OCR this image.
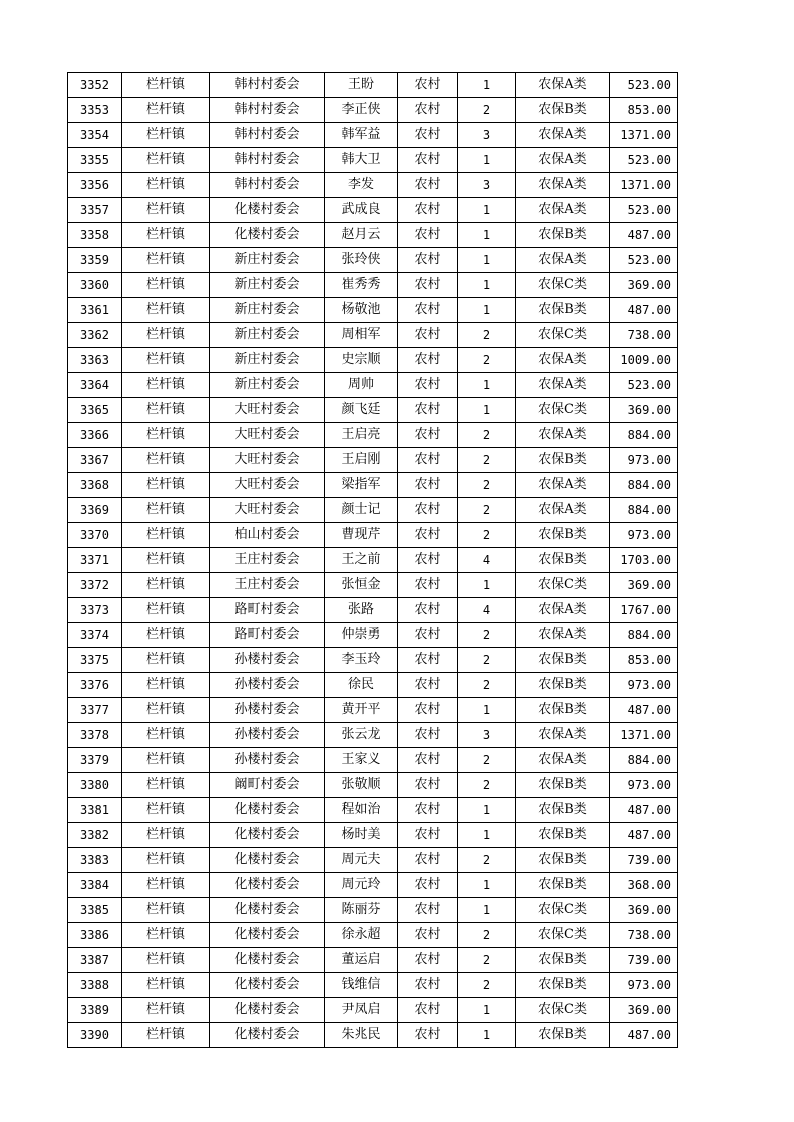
3352	栏杆镇	韩村村委会	王盼	农村	1	农保A类	523.00
3353	栏杆镇	韩村村委会	李正侠	农村	2	农保B类	853.00
3354	栏杆镇	韩村村委会	韩军益	农村	3	农保A类	1371.00
3355	栏杆镇	韩村村委会	韩大卫	农村	1	农保A类	523.00
3356	栏杆镇	韩村村委会	李发	农村	3	农保A类	1371.00
3357	栏杆镇	化楼村委会	武成良	农村	1	农保A类	523.00
3358	栏杆镇	化楼村委会	赵月云	农村	1	农保B类	487.00
3359	栏杆镇	新庄村委会	张玲侠	农村	1	农保A类	523.00
3360	栏杆镇	新庄村委会	崔秀秀	农村	1	农保C类	369.00
3361	栏杆镇	新庄村委会	杨敬池	农村	1	农保B类	487.00
3362	栏杆镇	新庄村委会	周相军	农村	2	农保C类	738.00
3363	栏杆镇	新庄村委会	史宗顺	农村	2	农保A类	1009.00
3364	栏杆镇	新庄村委会	周帅	农村	1	农保A类	523.00
3365	栏杆镇	大旺村委会	颜飞廷	农村	1	农保C类	369.00
3366	栏杆镇	大旺村委会	王启亮	农村	2	农保A类	884.00
3367	栏杆镇	大旺村委会	王启刚	农村	2	农保B类	973.00
3368	栏杆镇	大旺村委会	梁指军	农村	2	农保A类	884.00
3369	栏杆镇	大旺村委会	颜士记	农村	2	农保A类	884.00
3370	栏杆镇	柏山村委会	曹现芹	农村	2	农保B类	973.00
3371	栏杆镇	王庄村委会	王之前	农村	4	农保B类	1703.00
3372	栏杆镇	王庄村委会	张恒金	农村	1	农保C类	369.00
3373	栏杆镇	路町村委会	张路	农村	4	农保A类	1767.00
3374	栏杆镇	路町村委会	仲崇勇	农村	2	农保A类	884.00
3375	栏杆镇	孙楼村委会	李玉玲	农村	2	农保B类	853.00
3376	栏杆镇	孙楼村委会	徐民	农村	2	农保B类	973.00
3377	栏杆镇	孙楼村委会	黄开平	农村	1	农保B类	487.00
3378	栏杆镇	孙楼村委会	张云龙	农村	3	农保A类	1371.00
3379	栏杆镇	孙楼村委会	王家义	农村	2	农保A类	884.00
3380	栏杆镇	阚町村委会	张敬顺	农村	2	农保B类	973.00
3381	栏杆镇	化楼村委会	程如治	农村	1	农保B类	487.00
3382	栏杆镇	化楼村委会	杨时美	农村	1	农保B类	487.00
3383	栏杆镇	化楼村委会	周元夫	农村	2	农保B类	739.00
3384	栏杆镇	化楼村委会	周元玲	农村	1	农保B类	368.00
3385	栏杆镇	化楼村委会	陈丽芬	农村	1	农保C类	369.00
3386	栏杆镇	化楼村委会	徐永超	农村	2	农保C类	738.00
3387	栏杆镇	化楼村委会	董运启	农村	2	农保B类	739.00
3388	栏杆镇	化楼村委会	钱维信	农村	2	农保B类	973.00
3389	栏杆镇	化楼村委会	尹凤启	农村	1	农保C类	369.00
3390	栏杆镇	化楼村委会	朱兆民	农村	1	农保B类	487.00
